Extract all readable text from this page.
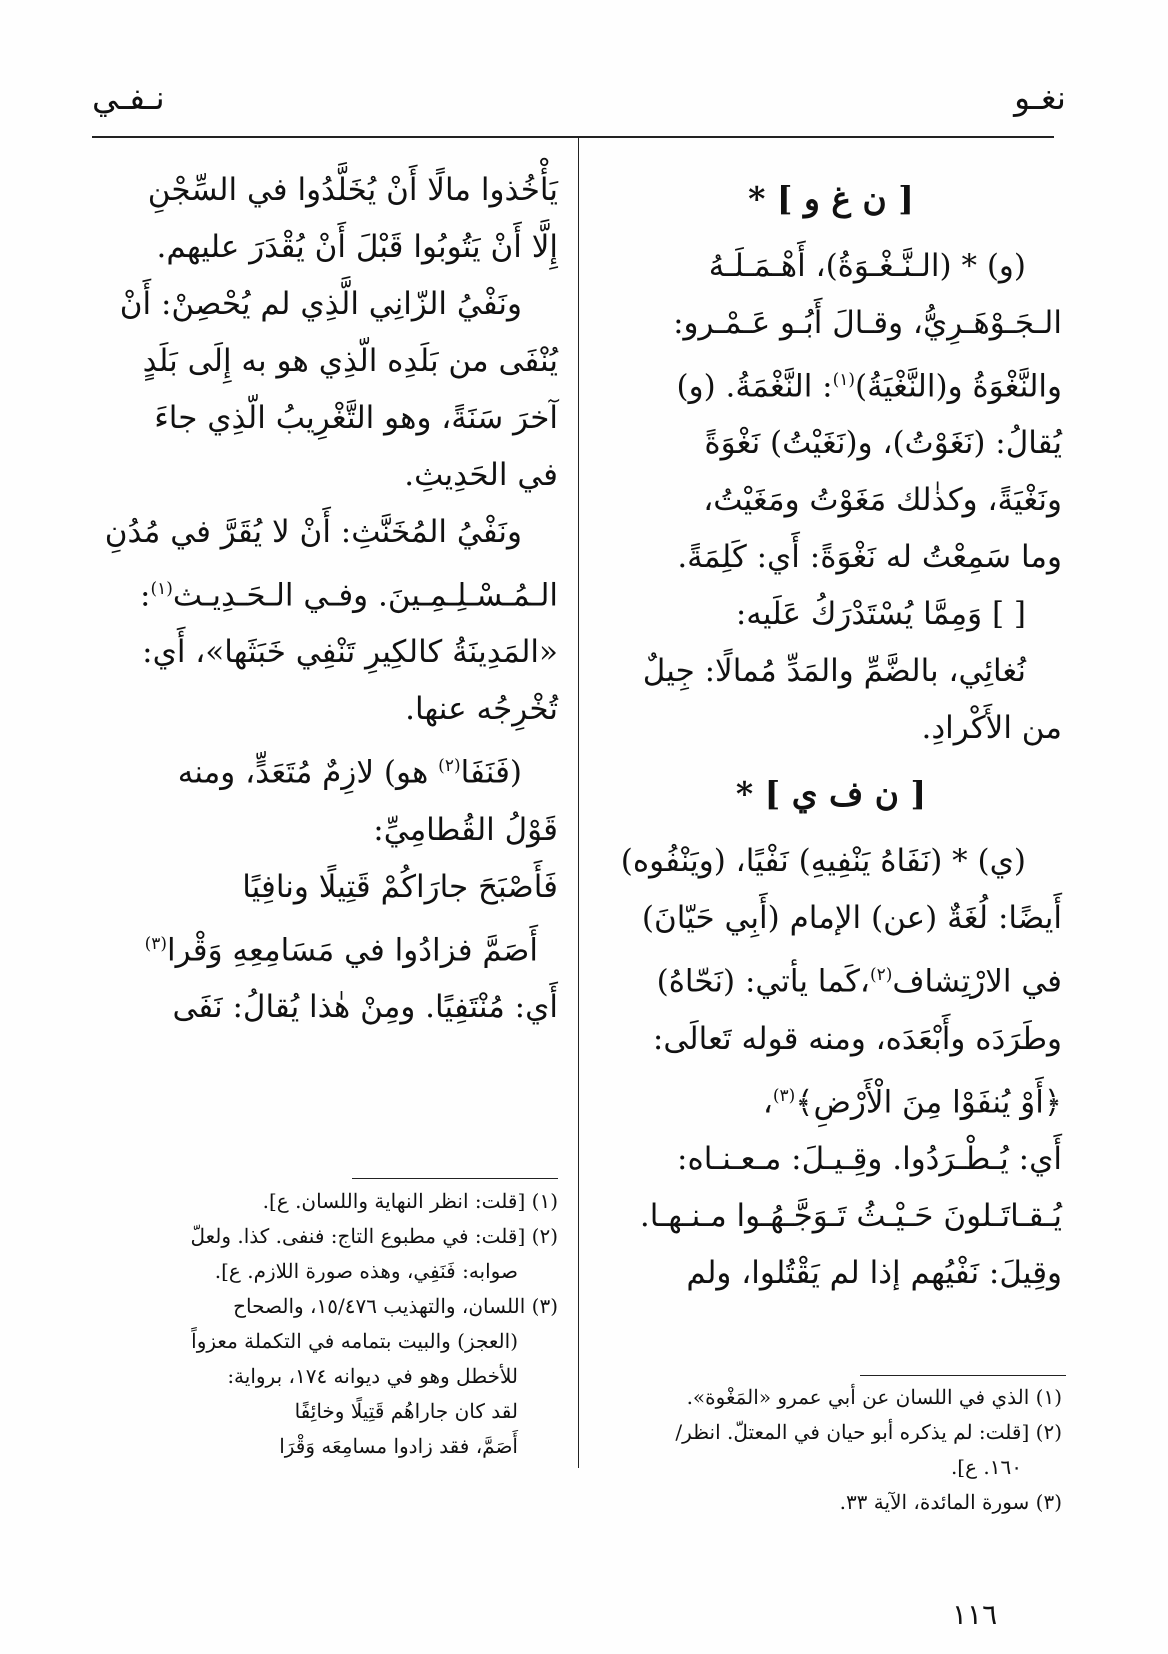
نغـو
نـفـي

[ ن غ و ] *

(و) * (الـنَّـغْـوَةُ)، أَهْـمَـلَـهُ

الـجَـوْهَـرِيُّ، وقـالَ أَبُـو عَـمْـرو:

والنَّغْوَةُ و(النَّغْيَةُ)$^{(١)}$: النَّغْمَةُ. (و)

يُقالُ: (نَغَوْتُ)، و(نَغَيْتُ) نَغْوَةً

ونَغْيَةً، وكذٰلك مَغَوْتُ ومَغَيْتُ،

وما سَمِعْتُ له نَغْوَةً: أَي: كَلِمَةً.

[ ] وَمِمَّا يُسْتَدْرَكُ عَلَيه:

نُغائِي، بالضَّمِّ والمَدِّ مُمالًا: جِيلٌ

من الأَكْرادِ.

[ ن ف ي ] *

(ي) * (نَفَاهُ يَنْفِيهِ) نَفْيًا، (ويَنْفُوه)

أَيضًا: لُغَةٌ (عن) الإمام (أَبِي حَيّانَ)

في الارْتِشاف$^{(٢)}$،كَما يأتي: (نَحّاهُ)

وطَرَدَه وأَبْعَدَه، ومنه قوله تَعالَى:

﴿أَوْ يُنفَوْا مِنَ الْأَرْضِ﴾$^{(٣)}$،

أَي: يُـطْـرَدُوا. وقِـيـلَ: مـعـنـاه:

يُـقـاتَـلونَ حَـيْـثُ تَـوَجَّـهُـوا مـنـهـا.

وقِيلَ: نَفْيُهم إذا لم يَقْتُلوا، ولم

(١) الذي في اللسان عن أبي عمرو «المَغْوة».

(٢) [قلت: لم يذكره أبو حيان في المعتلّ. انظر/

١٦٠. ع].

(٣) سورة المائدة، الآية ٣٣.

يَأْخُذوا مالًا أَنْ يُخَلَّدُوا في السِّجْنِ

إِلَّا أَنْ يَتُوبُوا قَبْلَ أَنْ يُقْدَرَ عليهم.

ونَفْيُ الزّانِي الَّذِي لم يُحْصِنْ: أَنْ

يُنْفَى من بَلَدِه الّذِي هو به إِلَى بَلَدٍ

آخرَ سَنَةً، وهو التَّغْرِيبُ الّذِي جاءَ

في الحَدِيثِ.

ونَفْيُ المُخَنَّثِ: أَنْ لا يُقَرَّ في مُدُنِ

الـمُـسْـلِـمِـينَ. وفـي الـحَـدِيـث$^{(١)}$:

«المَدِينَةُ كالكِيرِ تَنْفِي خَبَثَها»، أَي:

تُخْرِجُه عنها.

(فَنَفَا$^{(٢)}$ هو) لازِمٌ مُتَعَدٍّ، ومنه

قَوْلُ القُطامِيِّ:

فَأَصْبَحَ جارَاكُمْ قَتِيلًا ونافِيًا

أَصَمَّ فزادُوا في مَسَامِعِهِ وَقْرا$^{(٣)}$

أَي: مُنْتَفِيًا. ومِنْ هٰذا يُقالُ: نَفَى

(١) [قلت: انظر النهاية واللسان. ع].

(٢) [قلت: في مطبوع التاج: فنفى. كذا. ولعلّ

صوابه: فَنَفِي، وهذه صورة اللازم. ع].

(٣) اللسان، والتهذيب ١٥/٤٧٦، والصحاح

(العجز) والبيت بتمامه في التكملة معزواً

للأخطل وهو في ديوانه ١٧٤، برواية:

لقد كان جاراهُم قَتِيلًا وخائِفًا

أَصَمَّ، فقد زادوا مسامِعَه وَقْرَا

١١٦
